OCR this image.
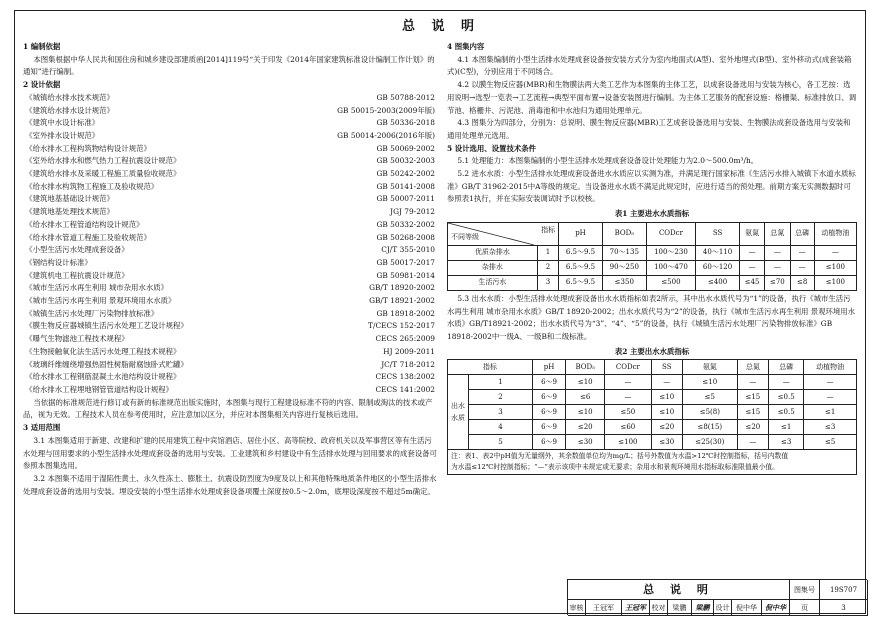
总 说 明
1 编制依据
本图集根据中华人民共和国住房和城乡建设部建质函[2014]119号“关于印发《2014年国家建筑标准设计编制工作计划》的通知”进行编制。
2 设计依据
《城镇给水排水技术规范》	GB 50788-2012
《建筑给水排水设计规范》	GB 50015-2003(2009年版)
《建筑中水设计标准》	GB 50336-2018
《室外排水设计规范》	GB 50014-2006(2016年版)
《给水排水工程构筑物结构设计规范》	GB 50069-2002
《室外给水排水和燃气热力工程抗震设计规范》	GB 50032-2003
《建筑给水排水及采暖工程施工质量验收规范》	GB 50242-2002
《给水排水构筑物工程施工及验收规范》	GB 50141-2008
《建筑地基基础设计规范》	GB 50007-2011
《建筑地基处理技术规范》	JGJ 79-2012
《给水排水工程管道结构设计规范》	GB 50332-2002
《给水排水管道工程施工及验收规范》	GB 50268-2008
《小型生活污水处理成套设备》	CJ/T 355-2010
《钢结构设计标准》	GB 50017-2017
《建筑机电工程抗震设计规范》	GB 50981-2014
《城市生活污水再生利用 城市杂用水水质》	GB/T 18920-2002
《城市生活污水再生利用 景观环境用水水质》	GB/T 18921-2002
《城镇生活污水处理厂污染物排放标准》	GB 18918-2002
《膜生物反应器城镇生活污水处理工艺设计规程》	T/CECS 152-2017
《曝气生物滤池工程技术规程》	CECS 265:2009
《生物接触氧化法生活污水处理工程技术规程》	HJ 2009-2011
《玻璃纤维缠绕增强热固性树脂耐腐蚀卧式贮罐》	JC/T 718-2012
《给水排水工程钢筋混凝土水池结构设计规程》	CECS 138:2002
《给水排水工程埋地钢管管道结构设计规程》	CECS 141:2002
当依据的标准规范进行修订或有新的标准规范出版实施时，本图集与现行工程建设标准不符的内容、限制或淘汰的技术或产品，视为无效。工程技术人员在参考使用时，应注意加以区分，并应对本图集相关内容进行复核后选用。
3 适用范围
3.1 本图集适用于新建、改建和扩建的民用建筑工程中宾馆酒店、居住小区、高等院校、政府机关以及军事营区等有生活污水处理与回用要求的小型生活排水处理成套设备的选用与安装。工业建筑和乡村建设中有生活排水处理与回用要求的成套设备可参照本图集选用。
3.2 本图集不适用于湿陷性黄土、永久性冻土、膨胀土、抗震设防烈度为9度及以上和其他特殊地质条件地区的小型生活排水处理成套设备的选用与安装。埋设安装的小型生活排水处理成套设备项覆土深度按0.5～2.0m，底埋设深度按不超过5m确定。
4 图集内容
4.1 本图集编制的小型生活排水处理成套设备按安装方式分为室内地面式(A型)、室外地埋式(B型)、室外移动式(成套装箱式)(C型)，分别应用于不同场合。
4.2 以膜生物反应器(MBR)和生物膜法两大类工艺作为本图集的主体工艺，以成套设备选用与安装为核心，各工艺按：选用说明→选型一览表→工艺流程→典型平面布置→设备安装图进行编制。为主体工艺服务的配套设施：格栅渠、标准排放口、调节池、格栅井、污泥池、消毒池和中水池归为通用处理单元。
4.3 图集分为四部分，分别为：总说明、膜生物反应器(MBR)工艺成套设备选用与安装、生物膜法成套设备选用与安装和通用处理单元选用。
5 设计选用、设置技术条件
5.1 处理能力：本图集编制的小型生活排水处理成套设备设计处理能力为2.0～500.0m³/h。
5.2 进水水质：小型生活排水处理成套设备进水水质应以实测为准，并满足现行国家标准《生活污水排入城镇下水道水质标准》GB/T 31962-2015中A等级的规定。当设备进水水质不满足此规定时，应进行适当的预处理。前期方案无实测数据时可参照表1执行，并在实际安装调试时予以校核。
表1 主要进水水质指标
指标
不同等级		pH	BOD₅	CODcr	SS	氨氮	总氮	总磷	动植物油
优质杂排水	1	6.5～9.5	70～135	100～230	40～110	—	—	—	—
杂排水	2	6.5～9.5	90～250	100～470	60～120	—	—	—	≤100
生活污水	3	6.5～9.5	≤350	≤500	≤400	≤45	≤70	≤8	≤100
5.3 出水水质：小型生活排水处理成套设备出水水质指标如表2所示，其中出水水质代号为“1”的设备，执行《城市生活污水再生利用 城市杂用水水质》GB/T 18920-2002；出水水质代号为“2”的设备，执行《城市生活污水再生利用 景观环境用水水质》GB/T18921-2002；出水水质代号为“3”、“4”、“5”的设备，执行《城镇生活污水处理厂污染物排放标准》GB 18918-2002中一级A、一级B和二级标准。
表2 主要出水水质指标
指标		pH	BOD₅	CODcr	SS	氨氮	总氮	总磷	动植物油
出水水质	1	6～9	≤10	—	—	≤10	—	—	—
	2	6～9	≤6	—	≤10	≤5	≤15	≤0.5	—
	3	6～9	≤10	≤50	≤10	≤5(8)	≤15	≤0.5	≤1
	4	6～9	≤20	≤60	≤20	≤8(15)	≤20	≤1	≤3
	5	6～9	≤30	≤100	≤30	≤25(30)	—	≤3	≤5
注：表1、表2中pH值为无量纲外，其余数值单位均为mg/L；括号外数值为水温>12℃时控制指标，括号内数值
为水温≤12℃时控制指标；“—”表示该项中未规定或无要求；杂用水和景观环境用水指标取标准限值最小值。
总 说 明	图集号	19S707
审核	王冠军	王冠军 校对	梁鹏	梁鹏 设计 倪中华	倪中华	页	3
